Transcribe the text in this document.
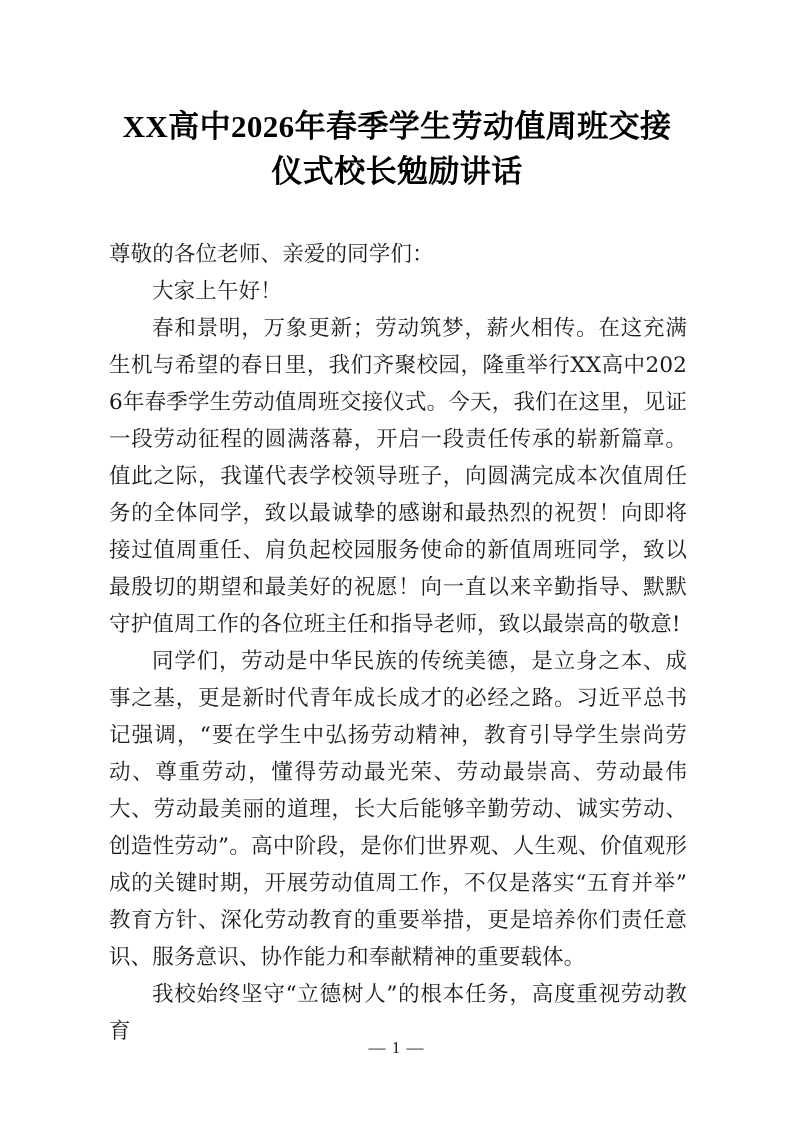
XX高中2026年春季学生劳动值周班交接
仪式校长勉励讲话

尊敬的各位老师、亲爱的同学们：

大家上午好！

春和景明，万象更新；劳动筑梦，薪火相传。在这充满生机与希望的春日里，我们齐聚校园，隆重举行XX高中2026年春季学生劳动值周班交接仪式。今天，我们在这里，见证一段劳动征程的圆满落幕，开启一段责任传承的崭新篇章。值此之际，我谨代表学校领导班子，向圆满完成本次值周任务的全体同学，致以最诚挚的感谢和最热烈的祝贺！向即将接过值周重任、肩负起校园服务使命的新值周班同学，致以最殷切的期望和最美好的祝愿！向一直以来辛勤指导、默默守护值周工作的各位班主任和指导老师，致以最崇高的敬意!

同学们，劳动是中华民族的传统美德，是立身之本、成事之基，更是新时代青年成长成才的必经之路。习近平总书记强调，“要在学生中弘扬劳动精神，教育引导学生崇尚劳动、尊重劳动，懂得劳动最光荣、劳动最崇高、劳动最伟大、劳动最美丽的道理，长大后能够辛勤劳动、诚实劳动、创造性劳动”。高中阶段，是你们世界观、人生观、价值观形成的关键时期，开展劳动值周工作，不仅是落实“五育并举”教育方针、深化劳动教育的重要举措，更是培养你们责任意识、服务意识、协作能力和奉献精神的重要载体。

我校始终坚守“立德树人”的根本任务，高度重视劳动教育

— 1 —
